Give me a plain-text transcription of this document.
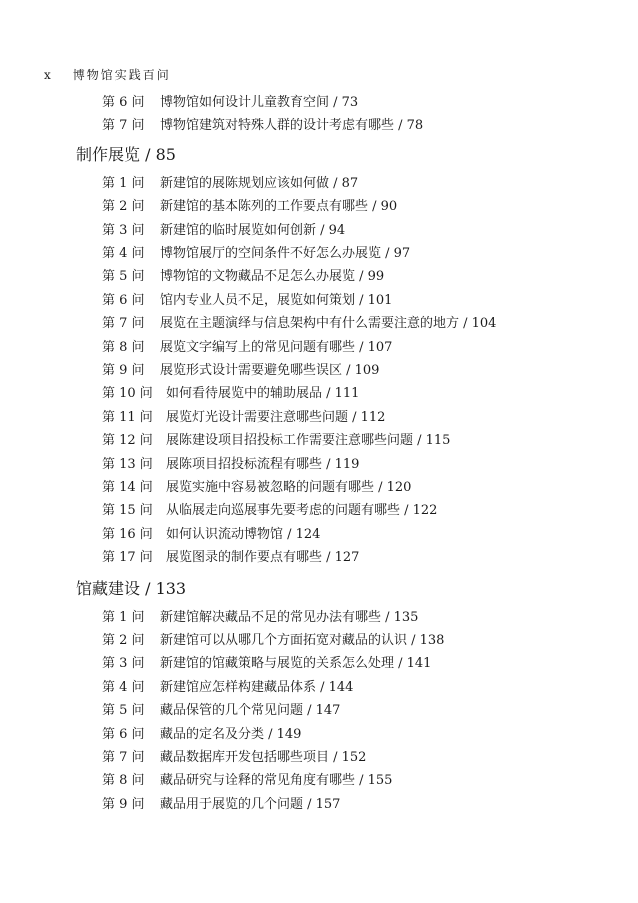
x 博物馆实践百问
第 6 问 博物馆如何设计儿童教育空间 / 73
第 7 问 博物馆建筑对特殊人群的设计考虑有哪些 / 78
制作展览 / 85
第 1 问 新建馆的展陈规划应该如何做 / 87
第 2 问 新建馆的基本陈列的工作要点有哪些 / 90
第 3 问 新建馆的临时展览如何创新 / 94
第 4 问 博物馆展厅的空间条件不好怎么办展览 / 97
第 5 问 博物馆的文物藏品不足怎么办展览 / 99
第 6 问 馆内专业人员不足，展览如何策划 / 101
第 7 问 展览在主题演绎与信息架构中有什么需要注意的地方 / 104
第 8 问 展览文字编写上的常见问题有哪些 / 107
第 9 问 展览形式设计需要避免哪些误区 / 109
第 10 问 如何看待展览中的辅助展品 / 111
第 11 问 展览灯光设计需要注意哪些问题 / 112
第 12 问 展陈建设项目招投标工作需要注意哪些问题 / 115
第 13 问 展陈项目招投标流程有哪些 / 119
第 14 问 展览实施中容易被忽略的问题有哪些 / 120
第 15 问 从临展走向巡展事先要考虑的问题有哪些 / 122
第 16 问 如何认识流动博物馆 / 124
第 17 问 展览图录的制作要点有哪些 / 127
馆藏建设 / 133
第 1 问 新建馆解决藏品不足的常见办法有哪些 / 135
第 2 问 新建馆可以从哪几个方面拓宽对藏品的认识 / 138
第 3 问 新建馆的馆藏策略与展览的关系怎么处理 / 141
第 4 问 新建馆应怎样构建藏品体系 / 144
第 5 问 藏品保管的几个常见问题 / 147
第 6 问 藏品的定名及分类 / 149
第 7 问 藏品数据库开发包括哪些项目 / 152
第 8 问 藏品研究与诠释的常见角度有哪些 / 155
第 9 问 藏品用于展览的几个问题 / 157
